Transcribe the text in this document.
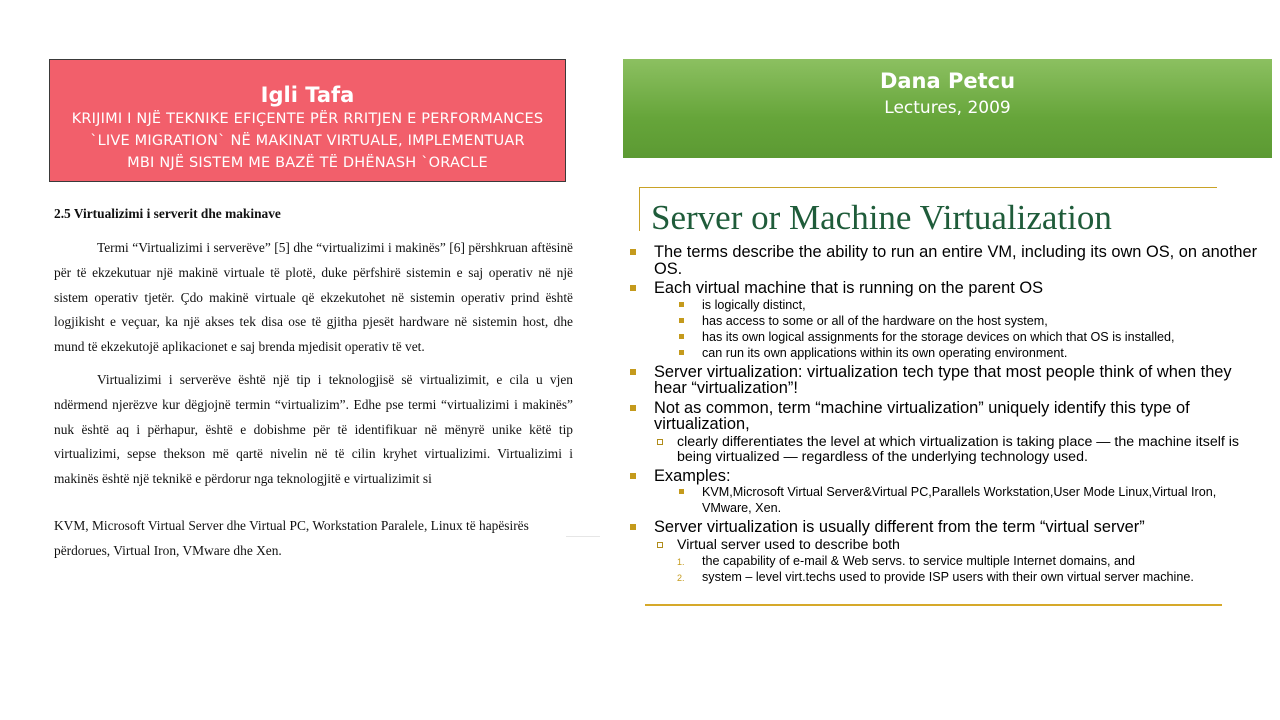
Igli Tafa
KRIJIMI I NJË TEKNIKE EFIÇENTE PËR RRITJEN E PERFORMANCES
`LIVE MIGRATION` NË MAKINAT VIRTUALE, IMPLEMENTUAR
MBI NJË SISTEM ME BAZË TË DHËNASH `ORACLE
Dana Petcu
Lectures, 2009
2.5 Virtualizimi i serverit dhe makinave

Termi “Virtualizimi i serverëve” [5] dhe “virtualizimi i makinës” [6] përshkruan aftësinë për të ekzekutuar një makinë virtuale të plotë, duke përfshirë sistemin e saj operativ në një sistem operativ tjetër. Çdo makinë virtuale që ekzekutohet në sistemin operativ prind është logjikisht e veçuar, ka një akses tek disa ose të gjitha pjesët hardware në sistemin host, dhe mund të ekzekutojë aplikacionet e saj brenda mjedisit operativ të vet.

Virtualizimi i serverëve është një tip i teknologjisë së virtualizimit, e cila u vjen ndërmend njerëzve kur dëgjojnë termin “virtualizim”. Edhe pse termi “virtualizimi i makinës” nuk është aq i përhapur, është e dobishme për të identifikuar në mënyrë unike këtë tip virtualizimi, sepse thekson më qartë nivelin në të cilin kryhet virtualizimi. Virtualizimi i makinës është një teknikë e përdorur nga teknologjitë e virtualizimit si

KVM, Microsoft Virtual Server dhe Virtual PC, Workstation Paralele, Linux të hapësirës përdorues, Virtual Iron, VMware dhe Xen.

Server or Machine Virtualization
The terms describe the ability to run an entire VM, including its own OS, on another OS.
Each virtual machine that is running on the parent OS
is logically distinct,
has access to some or all of the hardware on the host system,
has its own logical assignments for the storage devices on which that OS is installed,
can run its own applications within its own operating environment.
Server virtualization: virtualization tech type that most people think of when they hear “virtualization”!
Not as common, term “machine virtualization” uniquely identify this type of virtualization,
clearly differentiates the level at which virtualization is taking place — the machine itself is being virtualized — regardless of the underlying technology used.
Examples:
KVM,Microsoft Virtual Server&Virtual PC,Parallels Workstation,User Mode Linux,Virtual Iron, VMware, Xen.
Server virtualization is usually different from the term “virtual server”
Virtual server used to describe both
1. the capability of e-mail & Web servs. to service multiple Internet domains, and
2. system – level virt.techs used to provide ISP users with their own virtual server machine.
